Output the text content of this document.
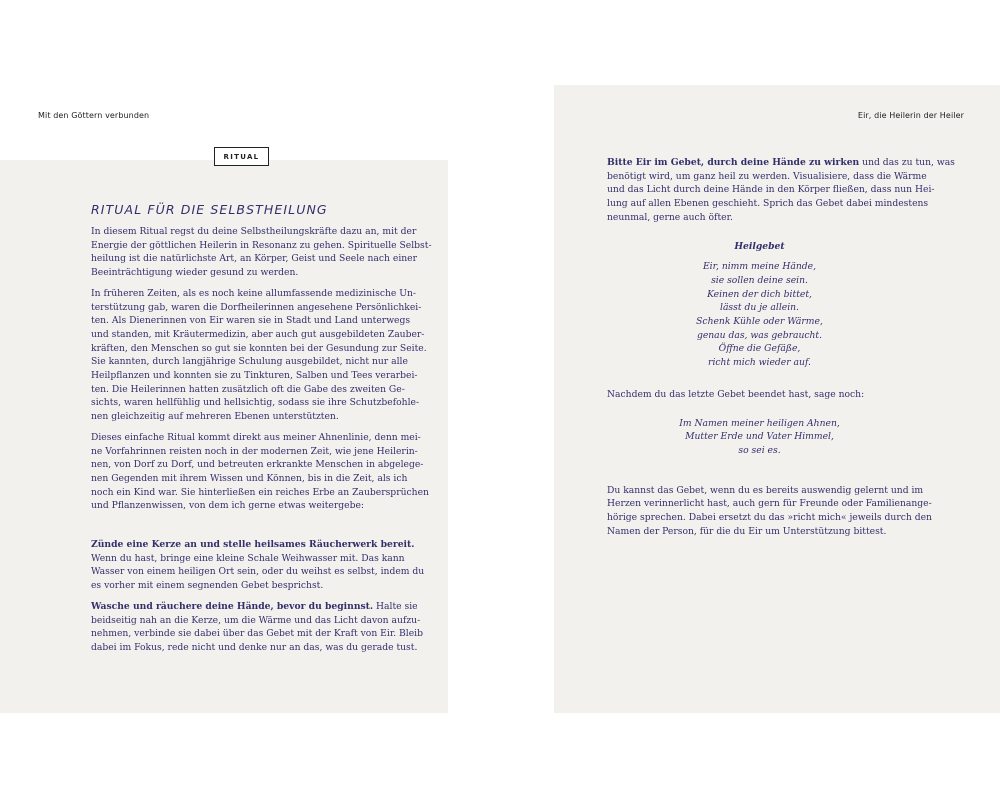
Mit den Göttern verbunden	Eir, die Heilerin der Heiler
RITUAL
RITUAL FÜR DIE SELBSTHEILUNG

In diesem Ritual regst du deine Selbstheilungskräfte dazu an, mit der
Energie der göttlichen Heilerin in Resonanz zu gehen. Spirituelle Selbst-
heilung ist die natürlichste Art, an Körper, Geist und Seele nach einer
Beeinträchtigung wieder gesund zu werden.

In früheren Zeiten, als es noch keine allumfassende medizinische Un-
terstützung gab, waren die Dorfheilerinnen angesehene Persönlichkei-
ten. Als Dienerinnen von Eir waren sie in Stadt und Land unterwegs
und standen, mit Kräutermedizin, aber auch gut ausgebildeten Zauber-
kräften, den Menschen so gut sie konnten bei der Gesundung zur Seite.
Sie kannten, durch langjährige Schulung ausgebildet, nicht nur alle
Heilpflanzen und konnten sie zu Tinkturen, Salben und Tees verarbei-
ten. Die Heilerinnen hatten zusätzlich oft die Gabe des zweiten Ge-
sichts, waren hellfühlig und hellsichtig, sodass sie ihre Schutzbefohle-
nen gleichzeitig auf mehreren Ebenen unterstützten.

Dieses einfache Ritual kommt direkt aus meiner Ahnenlinie, denn mei-
ne Vorfahrinnen reisten noch in der modernen Zeit, wie jene Heilerin-
nen, von Dorf zu Dorf, und betreuten erkrankte Menschen in abgelege-
nen Gegenden mit ihrem Wissen und Können, bis in die Zeit, als ich
noch ein Kind war. Sie hinterließen ein reiches Erbe an Zaubersprüchen
und Pflanzenwissen, von dem ich gerne etwas weitergebe:

Zünde eine Kerze an und stelle heilsames Räucherwerk bereit.
Wenn du hast, bringe eine kleine Schale Weihwasser mit. Das kann
Wasser von einem heiligen Ort sein, oder du weihst es selbst, indem du
es vorher mit einem segnenden Gebet besprichst.

Wasche und räuchere deine Hände, bevor du beginnst. Halte sie
beidseitig nah an die Kerze, um die Wärme und das Licht davon aufzu-
nehmen, verbinde sie dabei über das Gebet mit der Kraft von Eir. Bleib
dabei im Fokus, rede nicht und denke nur an das, was du gerade tust.

Bitte Eir im Gebet, durch deine Hände zu wirken und das zu tun, was
benötigt wird, um ganz heil zu werden. Visualisiere, dass die Wärme
und das Licht durch deine Hände in den Körper fließen, dass nun Hei-
lung auf allen Ebenen geschieht. Sprich das Gebet dabei mindestens
neunmal, gerne auch öfter.

Heilgebet
Eir, nimm meine Hände,
sie sollen deine sein.
Keinen der dich bittet,
lässt du je allein.
Schenk Kühle oder Wärme,
genau das, was gebraucht.
Öffne die Gefäße,
richt mich wieder auf.

Nachdem du das letzte Gebet beendet hast, sage noch:

Im Namen meiner heiligen Ahnen,
Mutter Erde und Vater Himmel,
so sei es.

Du kannst das Gebet, wenn du es bereits auswendig gelernt und im
Herzen verinnerlicht hast, auch gern für Freunde oder Familienange-
hörige sprechen. Dabei ersetzt du das »richt mich« jeweils durch den
Namen der Person, für die du Eir um Unterstützung bittest.
